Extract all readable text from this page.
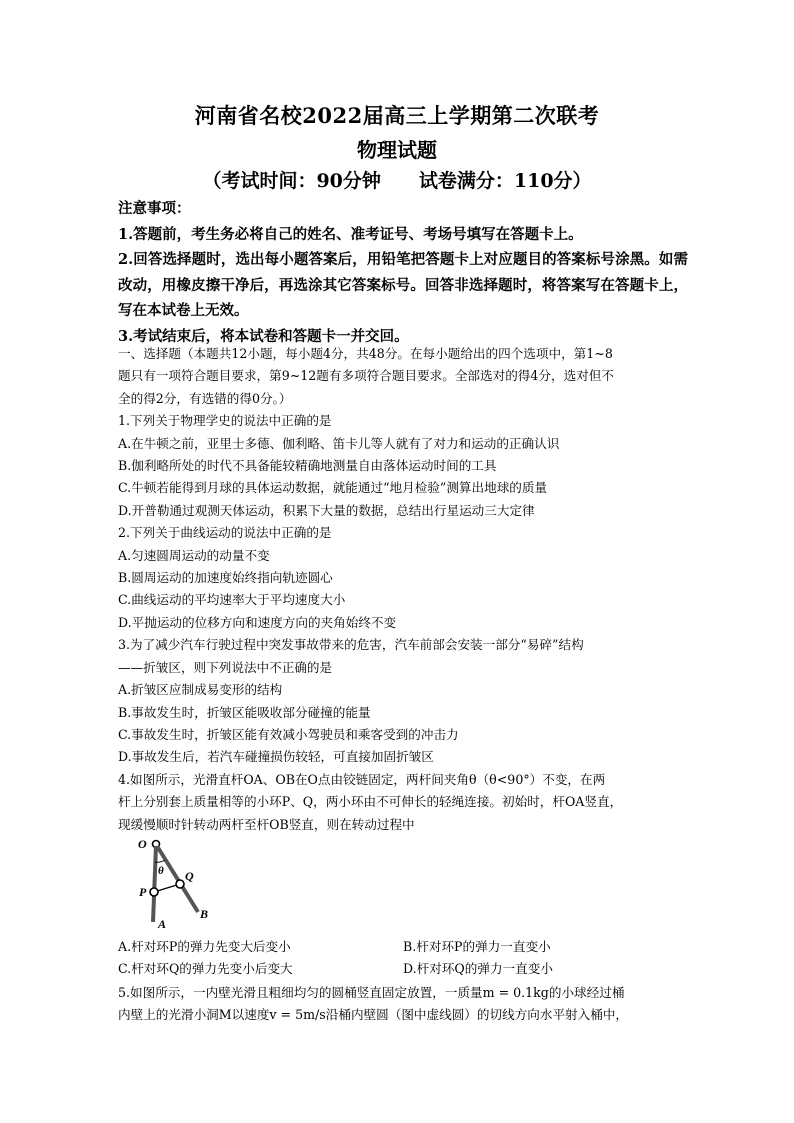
河南省名校2022届高三上学期第二次联考
物理试题
（考试时间：90分钟　　试卷满分：110分）

注意事项：

1.答题前，考生务必将自己的姓名、准考证号、考场号填写在答题卡上。

2.回答选择题时，选出每小题答案后，用铅笔把答题卡上对应题目的答案标号涂黑。如需改动，用橡皮擦干净后，再选涂其它答案标号。回答非选择题时，将答案写在答题卡上，写在本试卷上无效。

3.考试结束后，将本试卷和答题卡一并交回。

一、选择题（本题共12小题，每小题4分，共48分。在每小题给出的四个选项中，第1~8

题只有一项符合题目要求，第9~12题有多项符合题目要求。全部选对的得4分，选对但不

全的得2分，有选错的得0分。）

1.下列关于物理学史的说法中正确的是

A.在牛顿之前，亚里士多德、伽利略、笛卡儿等人就有了对力和运动的正确认识

B.伽利略所处的时代不具备能较精确地测量自由落体运动时间的工具

C.牛顿若能得到月球的具体运动数据，就能通过“地月检验”测算出地球的质量

D.开普勒通过观测天体运动，积累下大量的数据，总结出行星运动三大定律

2.下列关于曲线运动的说法中正确的是

A.匀速圆周运动的动量不变

B.圆周运动的加速度始终指向轨迹圆心

C.曲线运动的平均速率大于平均速度大小

D.平抛运动的位移方向和速度方向的夹角始终不变

3.为了减少汽车行驶过程中突发事故带来的危害，汽车前部会安装一部分“易碎”结构

——折皱区，则下列说法中不正确的是

A.折皱区应制成易变形的结构

B.事故发生时，折皱区能吸收部分碰撞的能量

C.事故发生时，折皱区能有效减小驾驶员和乘客受到的冲击力

D.事故发生后，若汽车碰撞损伤较轻，可直接加固折皱区

4.如图所示，光滑直杆OA、OB在O点由铰链固定，两杆间夹角θ（θ<90°）不变，在两

杆上分别套上质量相等的小环P、Q，两小环由不可伸长的轻绳连接。初始时，杆OA竖直，

现缓慢顺时针转动两杆至杆OB竖直，则在转动过程中

O
θ
P
Q
A
B
A.杆对环P的弹力先变大后变小	B.杆对环P的弹力一直变小
C.杆对环Q的弹力先变小后变大	D.杆对环Q的弹力一直变小

5.如图所示，一内壁光滑且粗细均匀的圆桶竖直固定放置，一质量m = 0.1kg的小球经过桶

内壁上的光滑小洞M以速度v = 5m/s沿桶内壁圆（图中虚线圆）的切线方向水平射入桶中，
